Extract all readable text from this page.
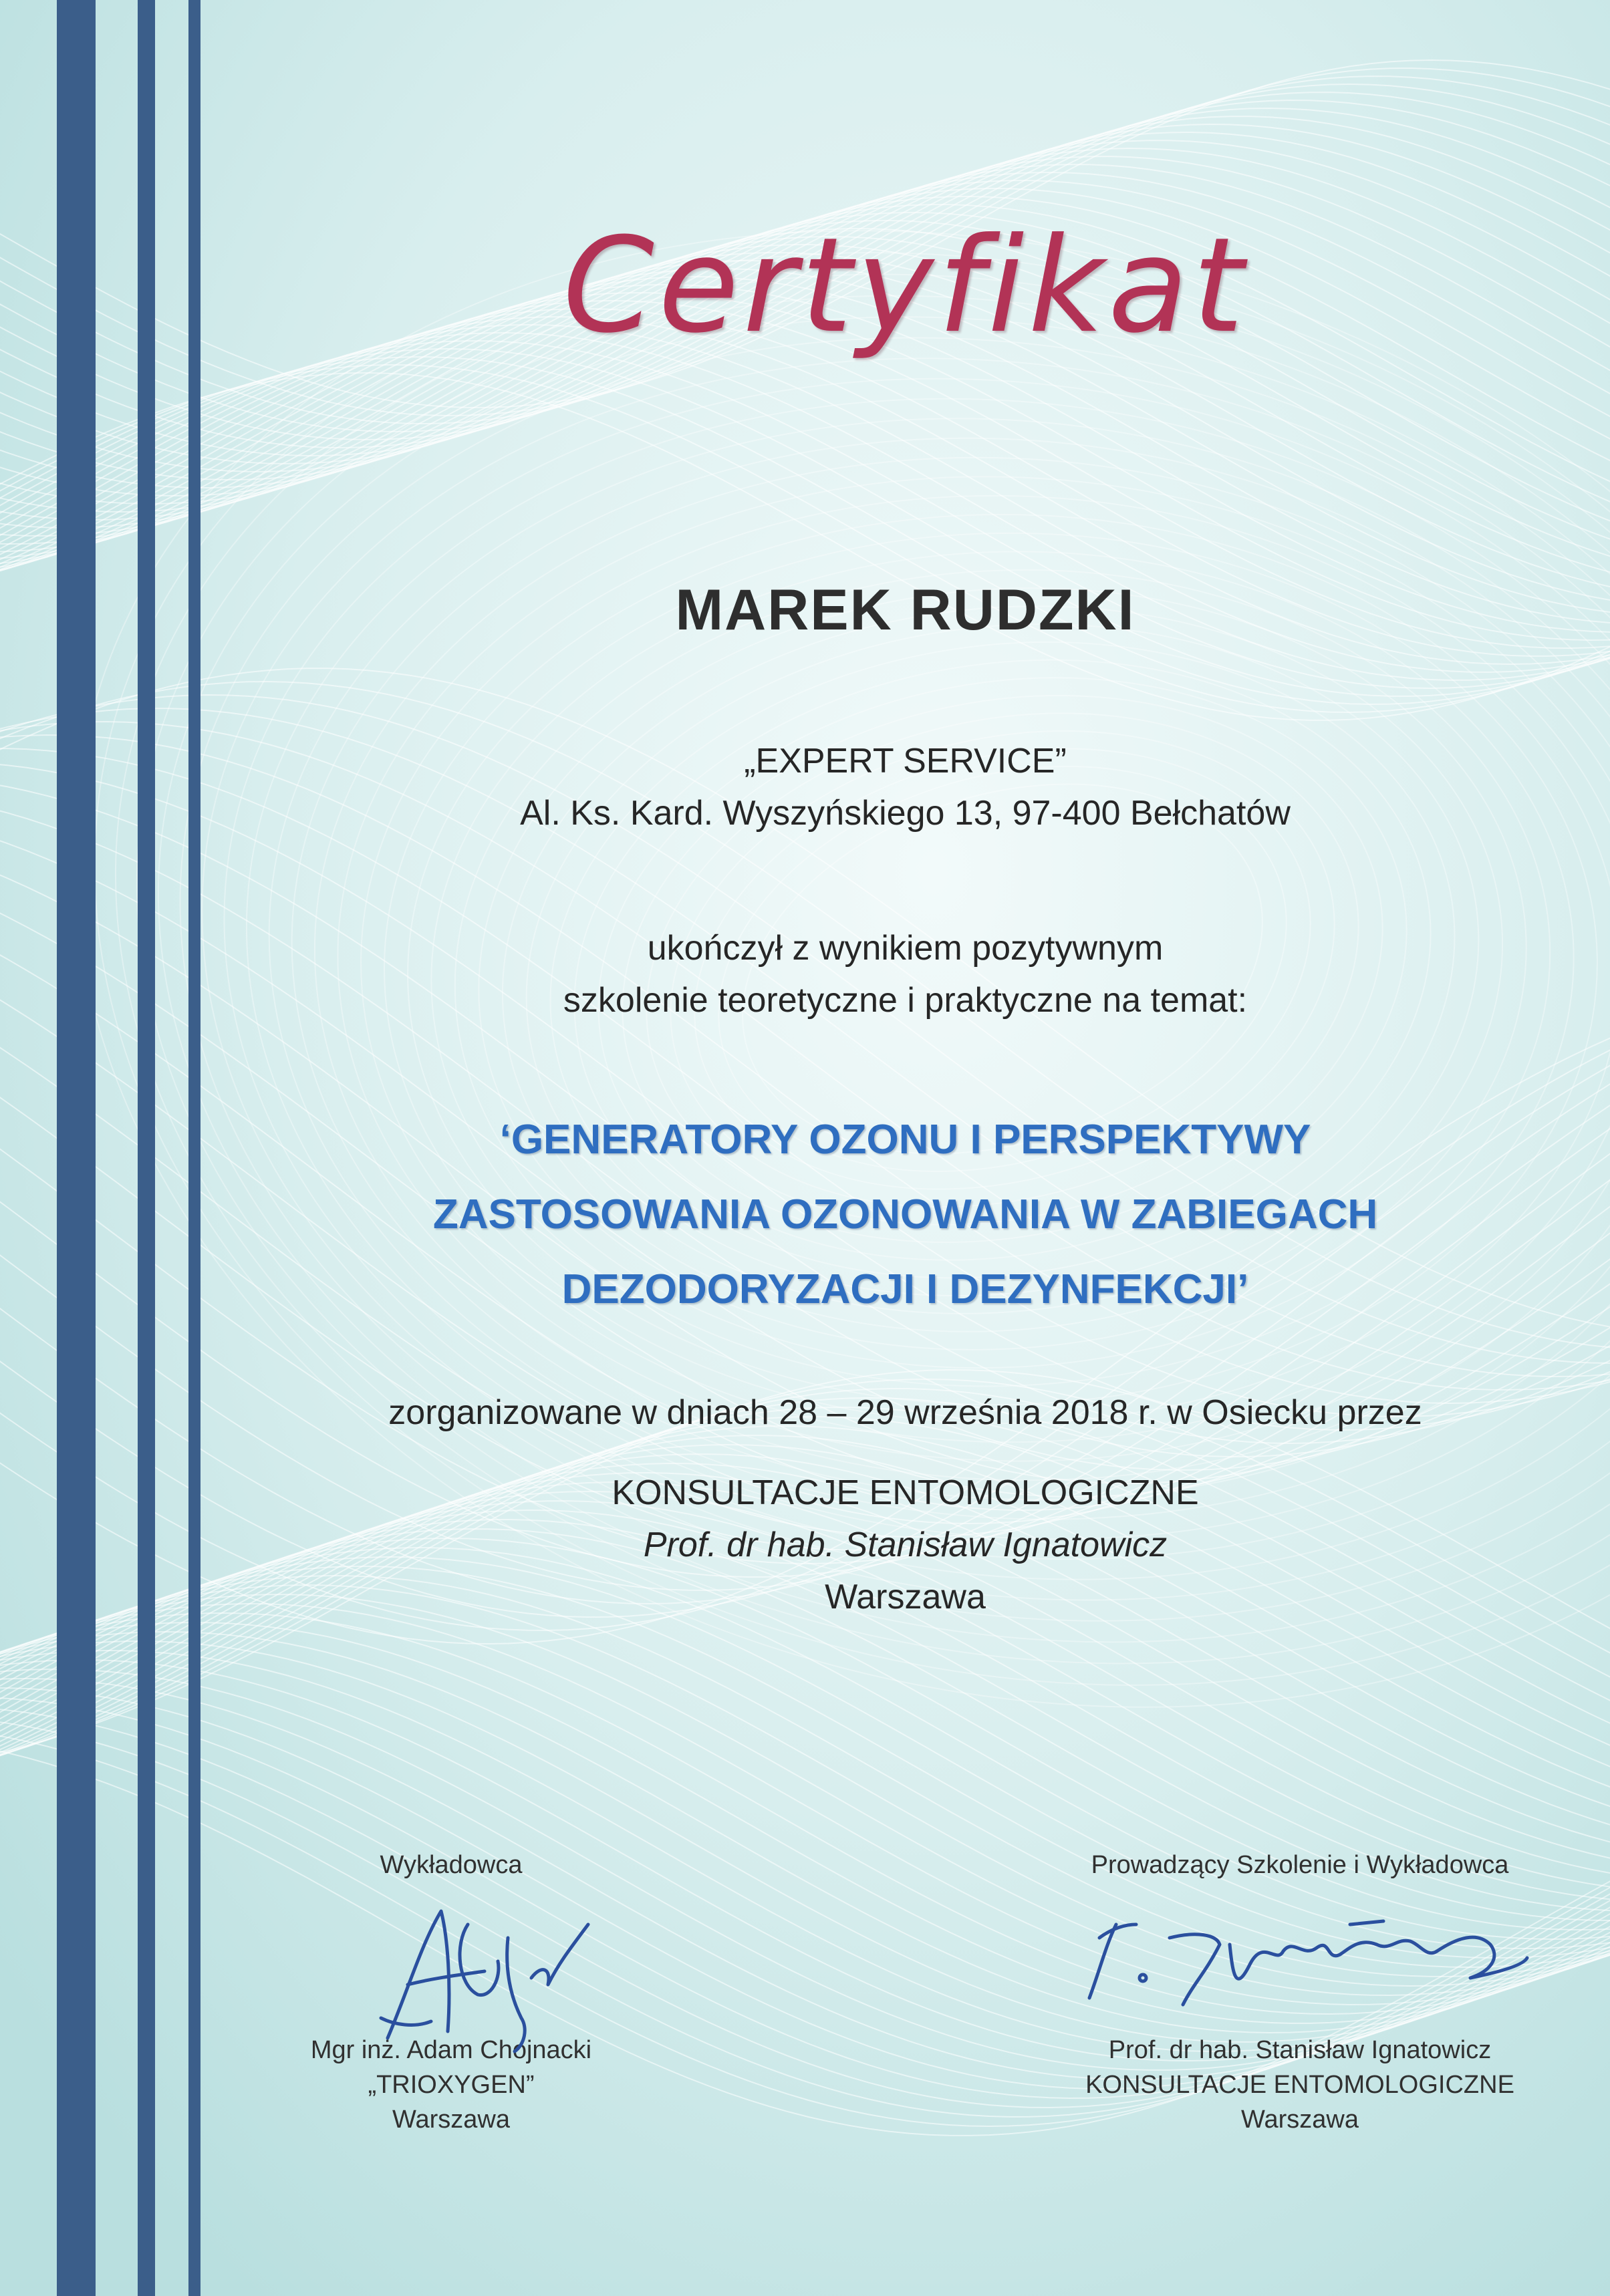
Certyfikat
MAREK RUDZKI
„EXPERT SERVICE”
Al. Ks. Kard. Wyszyńskiego 13, 97-400 Bełchatów
ukończył z wynikiem pozytywnym
szkolenie teoretyczne i praktyczne na temat:
‘GENERATORY OZONU I PERSPEKTYWY
ZASTOSOWANIA OZONOWANIA W ZABIEGACH
DEZODORYZACJI I DEZYNFEKCJI’
zorganizowane w dniach 28 – 29 września 2018 r. w Osiecku przez
KONSULTACJE ENTOMOLOGICZNE
Prof. dr hab. Stanisław Ignatowicz
Warszawa
Wykładowca
Mgr inż. Adam Chojnacki
„TRIOXYGEN”
Warszawa
Prowadzący Szkolenie i Wykładowca
Prof. dr hab. Stanisław Ignatowicz
KONSULTACJE ENTOMOLOGICZNE
Warszawa
